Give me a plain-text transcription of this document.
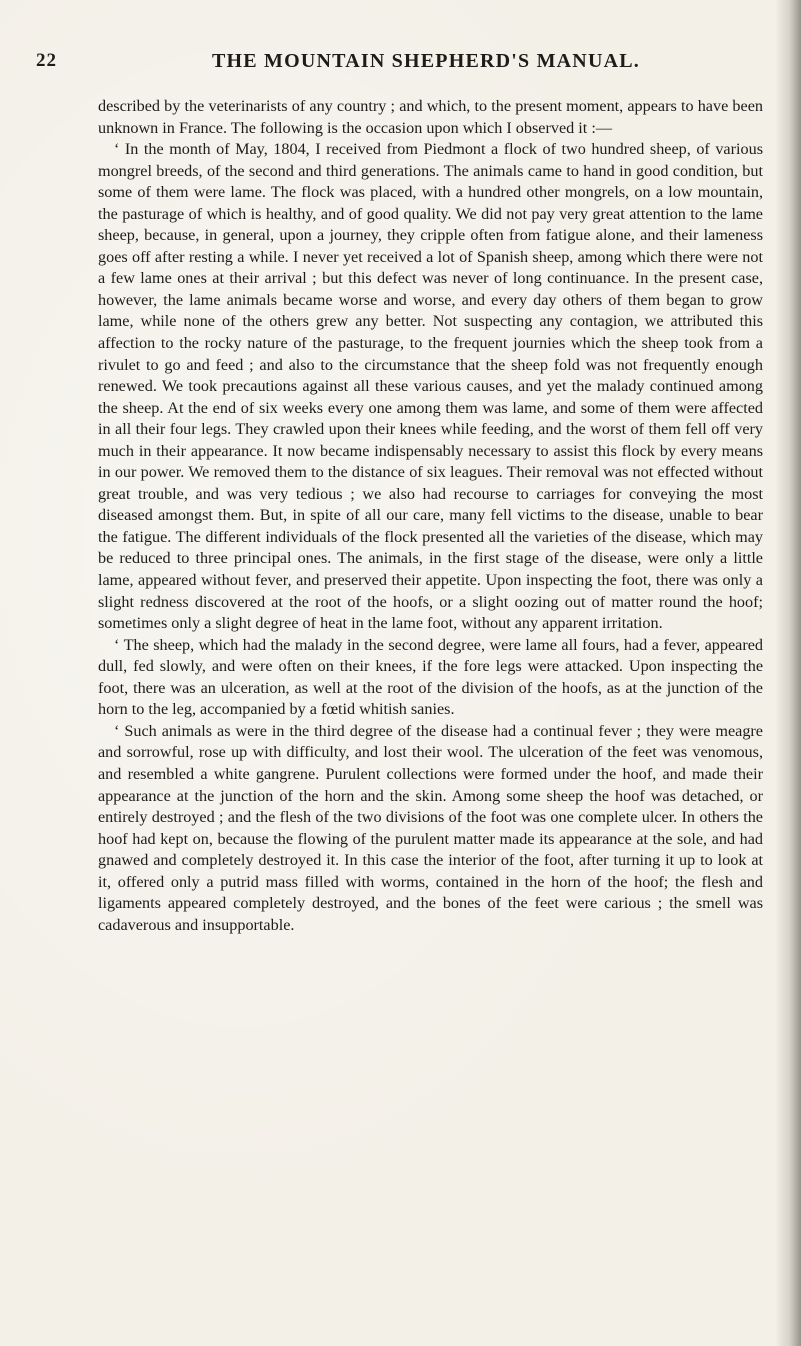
22	THE MOUNTAIN SHEPHERD'S MANUAL.

described by the veterinarists of any country ; and which, to the present moment, appears to have been unknown in France. The following is the occasion upon which I observed it :—

‘ In the month of May, 1804, I received from Piedmont a flock of two hundred sheep, of various mongrel breeds, of the second and third generations. The animals came to hand in good condition, but some of them were lame. The flock was placed, with a hundred other mongrels, on a low mountain, the pasturage of which is healthy, and of good quality. We did not pay very great attention to the lame sheep, because, in general, upon a journey, they cripple often from fatigue alone, and their lameness goes off after resting a while. I never yet received a lot of Spanish sheep, among which there were not a few lame ones at their arrival ; but this defect was never of long continuance. In the present case, however, the lame animals became worse and worse, and every day others of them began to grow lame, while none of the others grew any better. Not suspecting any contagion, we attributed this affection to the rocky nature of the pasturage, to the frequent journies which the sheep took from a rivulet to go and feed ; and also to the circumstance that the sheep fold was not frequently enough renewed. We took precautions against all these various causes, and yet the malady continued among the sheep. At the end of six weeks every one among them was lame, and some of them were affected in all their four legs. They crawled upon their knees while feeding, and the worst of them fell off very much in their appearance. It now became indispensably necessary to assist this flock by every means in our power. We removed them to the distance of six leagues. Their removal was not effected without great trouble, and was very tedious ; we also had recourse to carriages for conveying the most diseased amongst them. But, in spite of all our care, many fell victims to the disease, unable to bear the fatigue. The different individuals of the flock presented all the varieties of the disease, which may be reduced to three principal ones. The animals, in the first stage of the disease, were only a little lame, appeared without fever, and preserved their appetite. Upon inspecting the foot, there was only a slight redness discovered at the root of the hoofs, or a slight oozing out of matter round the hoof; sometimes only a slight degree of heat in the lame foot, without any apparent irritation.

‘ The sheep, which had the malady in the second degree, were lame all fours, had a fever, appeared dull, fed slowly, and were often on their knees, if the fore legs were attacked. Upon inspecting the foot, there was an ulceration, as well at the root of the division of the hoofs, as at the junction of the horn to the leg, accompanied by a fœtid whitish sanies.

‘ Such animals as were in the third degree of the disease had a continual fever ; they were meagre and sorrowful, rose up with difficulty, and lost their wool. The ulceration of the feet was venomous, and resembled a white gangrene. Purulent collections were formed under the hoof, and made their appearance at the junction of the horn and the skin. Among some sheep the hoof was detached, or entirely destroyed ; and the flesh of the two divisions of the foot was one complete ulcer. In others the hoof had kept on, because the flowing of the purulent matter made its appearance at the sole, and had gnawed and completely destroyed it. In this case the interior of the foot, after turning it up to look at it, offered only a putrid mass filled with worms, contained in the horn of the hoof; the flesh and ligaments appeared completely destroyed, and the bones of the feet were carious ; the smell was cadaverous and insupportable.
